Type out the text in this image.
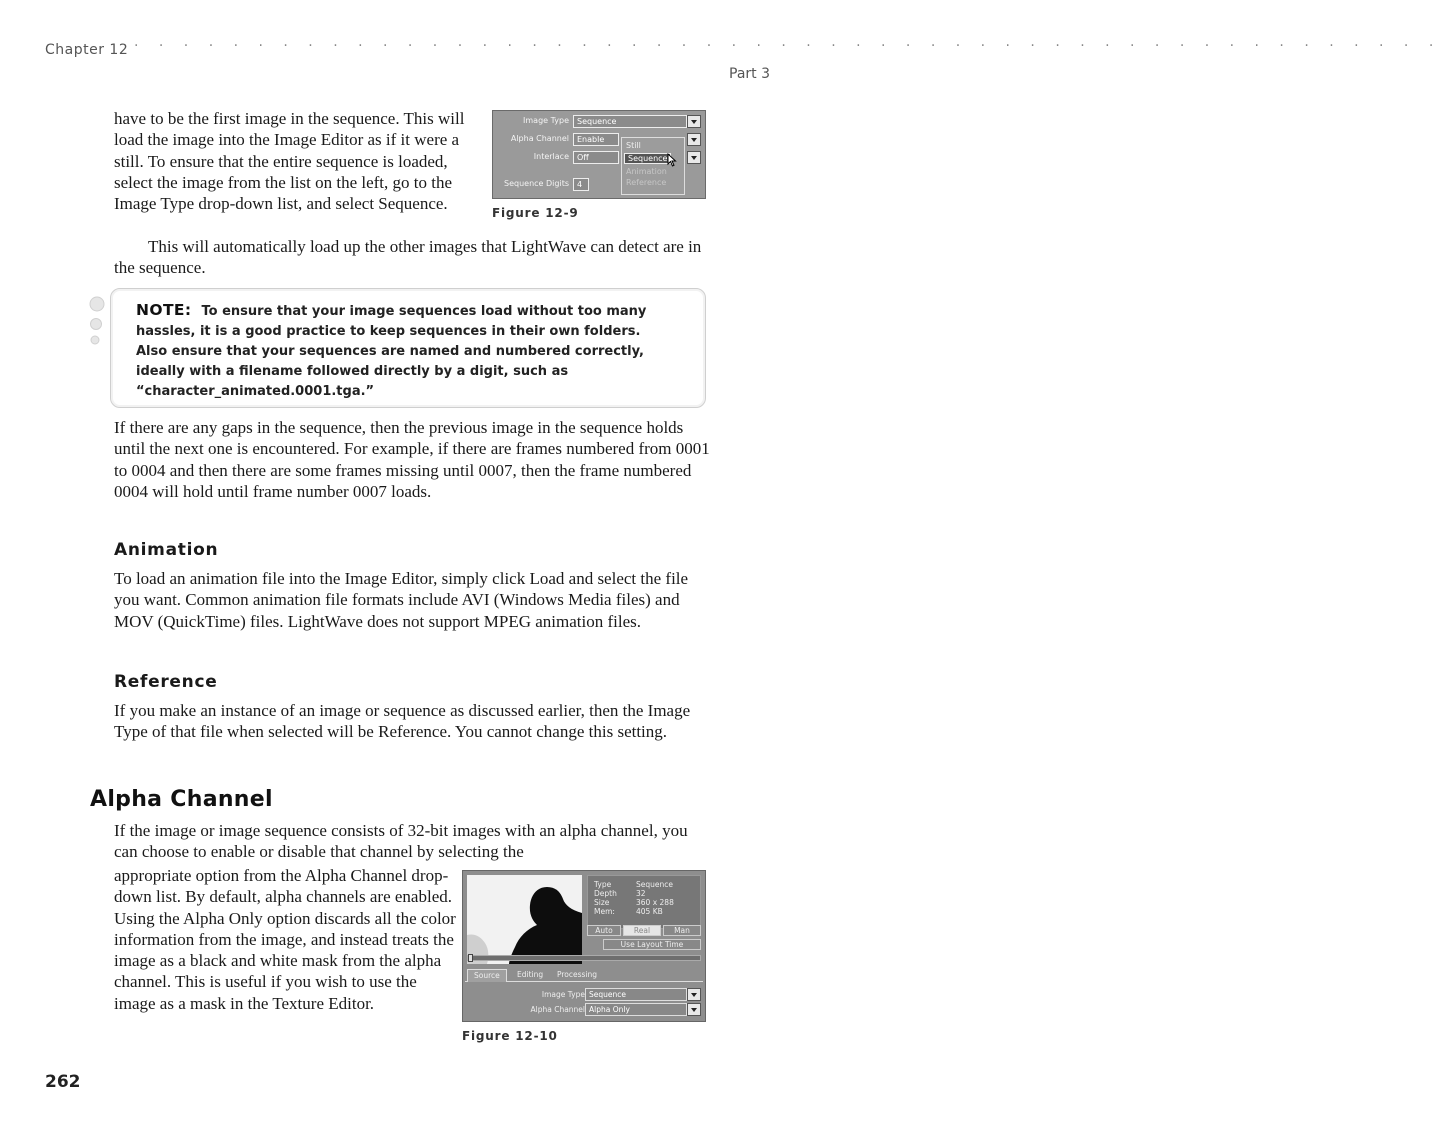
Chapter 12 · · · · · · · · · · · · · · · · · · · · · · · · · · · · · · · · · · · · · · · · · · · · · · · · · · · · ·
Part 3

have to be the first image in the sequence. This will load the image into the Image Editor as if it were a still. To ensure that the entire sequence is loaded, select the image from the list on the left, go to the Image Type drop-down list, and select Sequence.

Image Type	Sequence
Alpha Channel	Enable
Interlace	Off
Sequence Digits	4
Still
Sequence
Animation
Reference
Figure 12-9

This will automatically load up the other images that LightWave can detect are in the sequence.

NOTE: To ensure that your image sequences load without too many hassles, it is a good practice to keep sequences in their own folders. Also ensure that your sequences are named and numbered correctly, ideally with a filename followed directly by a digit, such as “character_animated.0001.tga.”

If there are any gaps in the sequence, then the previous image in the sequence holds until the next one is encountered. For example, if there are frames numbered from 0001 to 0004 and then there are some frames missing until 0007, then the frame numbered 0004 will hold until frame number 0007 loads.

Animation

To load an animation file into the Image Editor, simply click Load and select the file you want. Common animation file formats include AVI (Windows Media files) and MOV (QuickTime) files. LightWave does not support MPEG animation files.

Reference

If you make an instance of an image or sequence as discussed earlier, then the Image Type of that file when selected will be Reference. You cannot change this setting.

Alpha Channel

If the image or image sequence consists of 32-bit images with an alpha channel, you can choose to enable or disable that channel by selecting the

appropriate option from the Alpha Channel drop-down list. By default, alpha channels are enabled. Using the Alpha Only option discards all the color information from the image, and instead treats the image as a black and white mask from the alpha channel. This is useful if you wish to use the image as a mask in the Texture Editor.

Type	Sequence
Depth	32
Size	360 x 288
Mem:	405 KB
Auto	Real	Man
Use Layout Time
Source	Editing	Processing
Image Type Sequence
Alpha Channel Alpha Only
Figure 12-10
262
